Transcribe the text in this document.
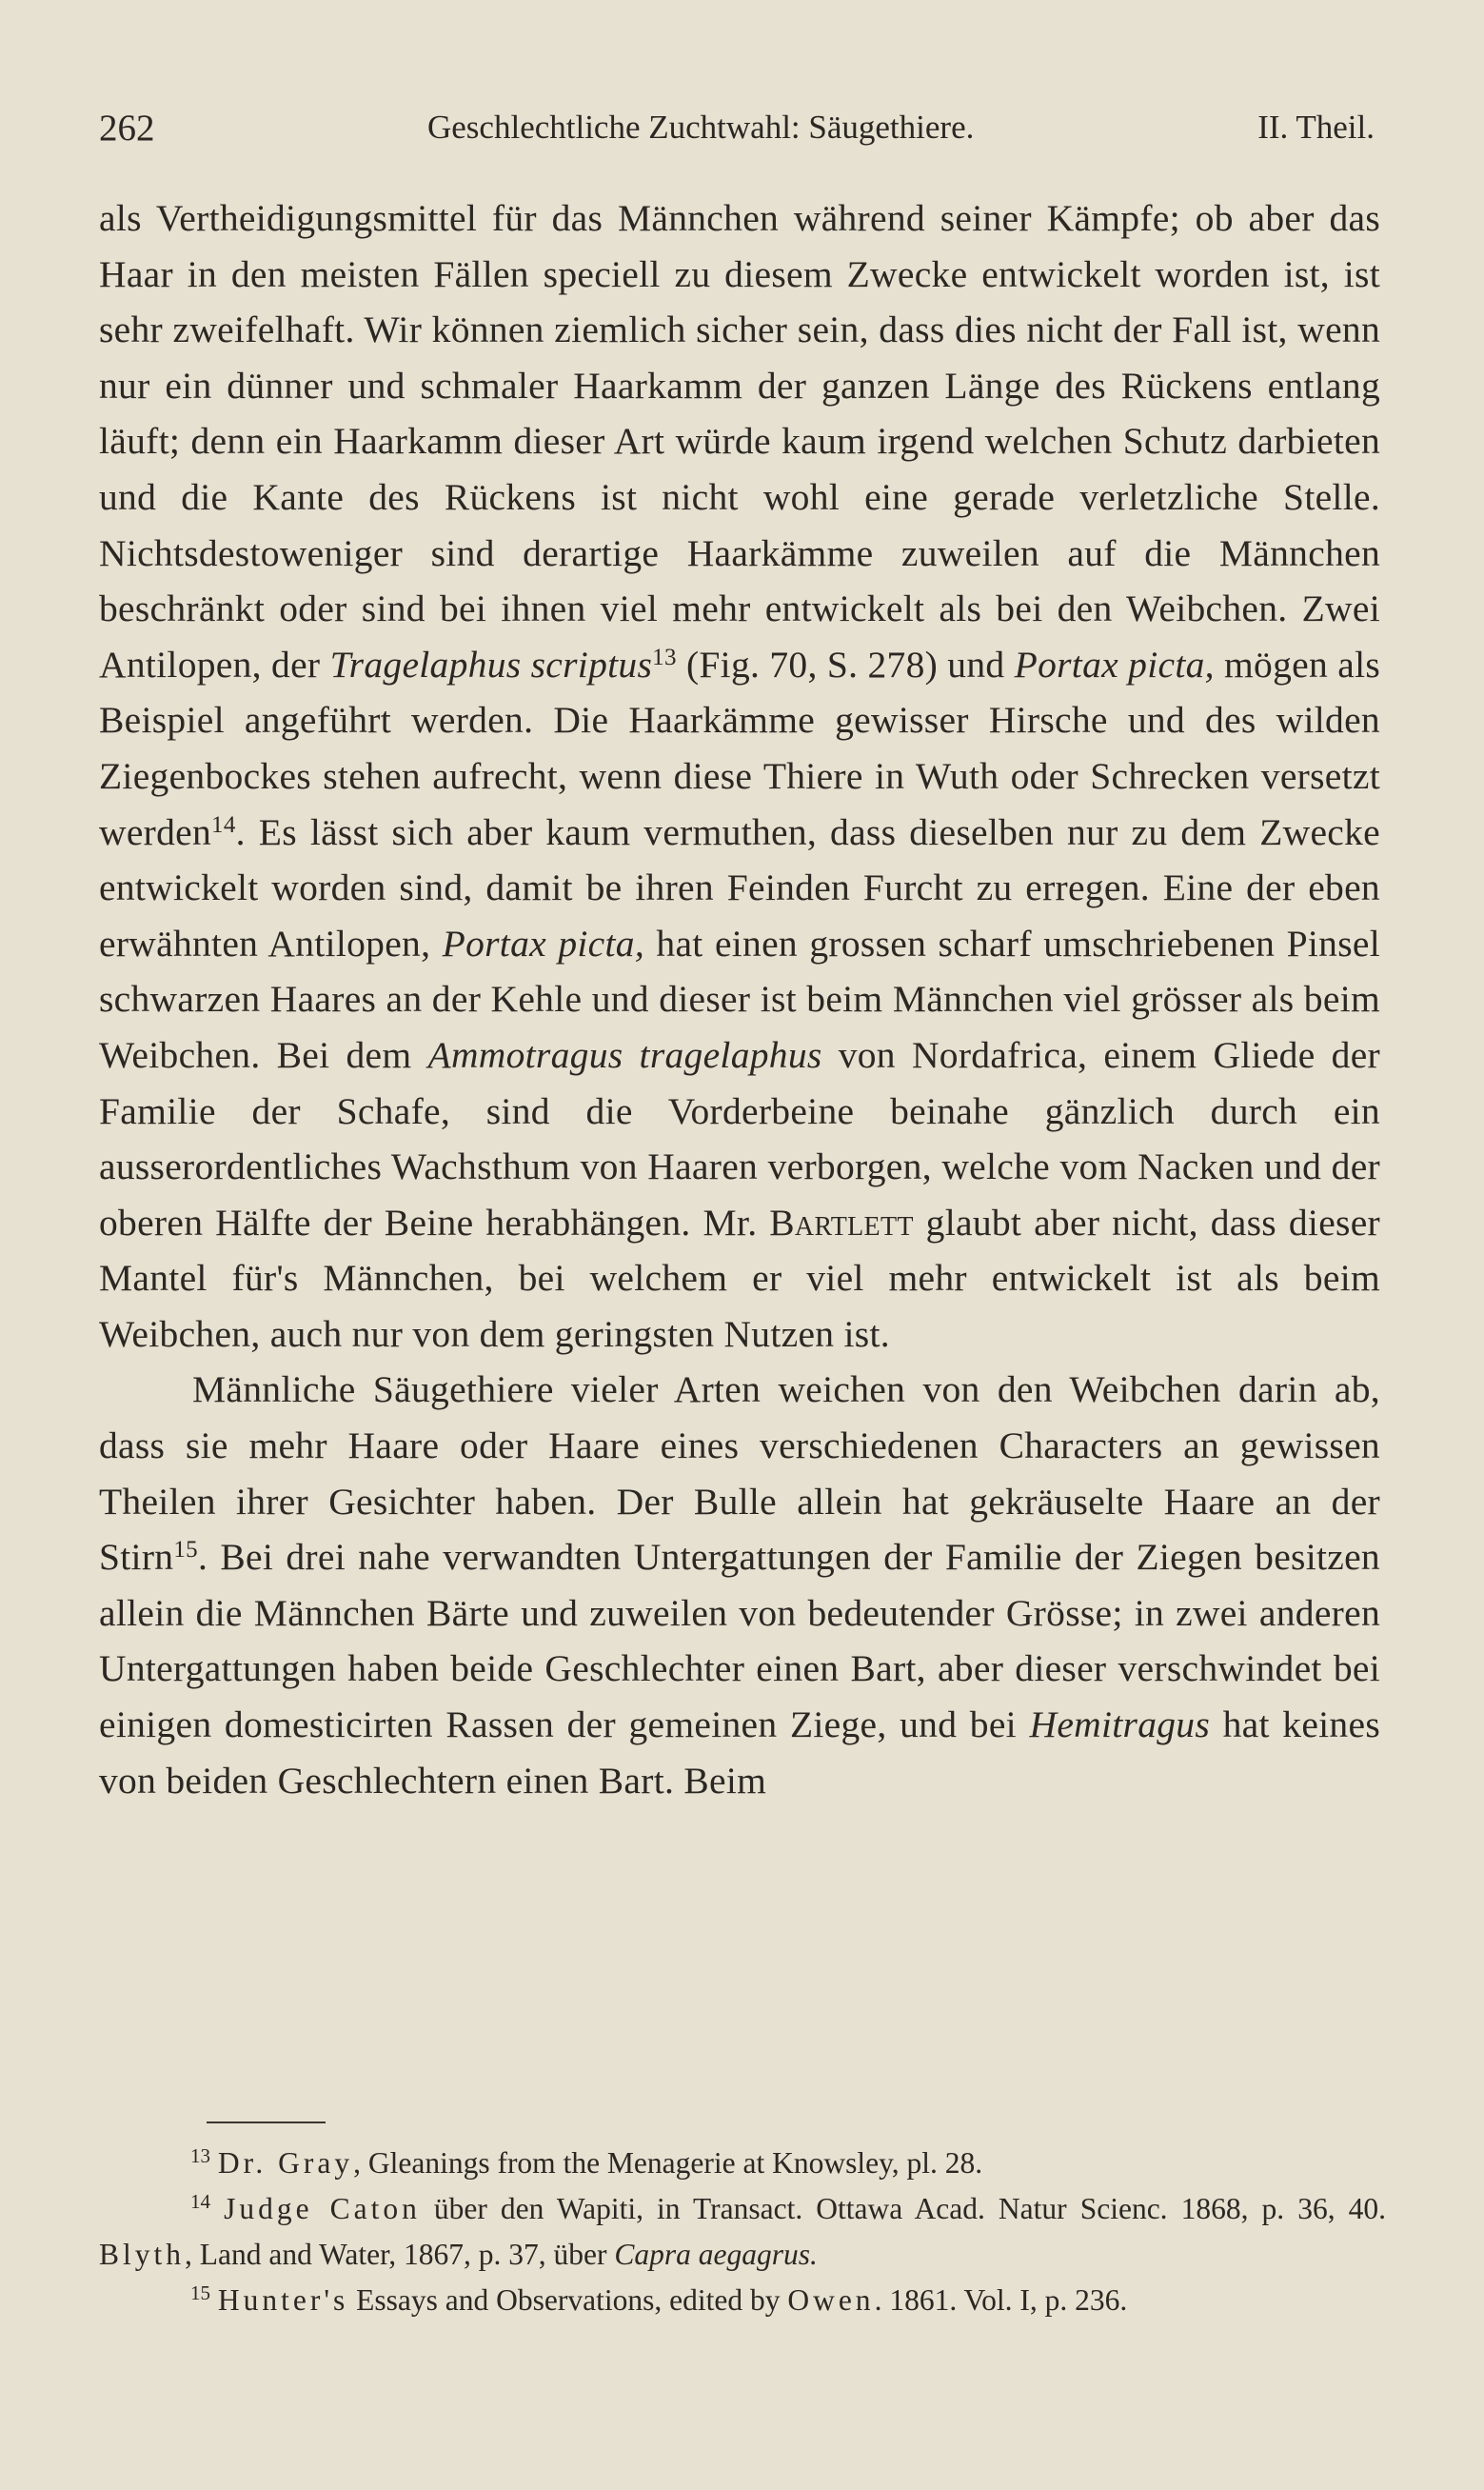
262	Geschlechtliche Zuchtwahl: Säugethiere.	II. Theil.

als Vertheidigungsmittel für das Männchen während seiner Kämpfe; ob aber das Haar in den meisten Fällen speciell zu diesem Zwecke entwickelt worden ist, ist sehr zweifelhaft. Wir können ziemlich sicher sein, dass dies nicht der Fall ist, wenn nur ein dünner und schmaler Haarkamm der ganzen Länge des Rückens entlang läuft; denn ein Haarkamm dieser Art würde kaum irgend welchen Schutz darbieten und die Kante des Rückens ist nicht wohl eine gerade verletzliche Stelle. Nichtsdestoweniger sind derartige Haarkämme zuweilen auf die Männchen beschränkt oder sind bei ihnen viel mehr entwickelt als bei den Weibchen. Zwei Antilopen, der Tragelaphus scriptus$^{13}$ (Fig. 70, S. 278) und Portax picta, mögen als Beispiel angeführt werden. Die Haarkämme gewisser Hirsche und des wilden Ziegenbockes stehen aufrecht, wenn diese Thiere in Wuth oder Schrecken versetzt werden$^{14}$. Es lässt sich aber kaum vermuthen, dass dieselben nur zu dem Zwecke entwickelt worden sind, damit be ihren Feinden Furcht zu erregen. Eine der eben erwähnten Antilopen, Portax picta, hat einen grossen scharf umschriebenen Pinsel schwarzen Haares an der Kehle und dieser ist beim Männchen viel grösser als beim Weibchen. Bei dem Ammotragus tragelaphus von Nordafrica, einem Gliede der Familie der Schafe, sind die Vorderbeine beinahe gänzlich durch ein ausserordentliches Wachsthum von Haaren verborgen, welche vom Nacken und der oberen Hälfte der Beine herabhängen. Mr. Bartlett glaubt aber nicht, dass dieser Mantel für's Männchen, bei welchem er viel mehr entwickelt ist als beim Weibchen, auch nur von dem geringsten Nutzen ist.

Männliche Säugethiere vieler Arten weichen von den Weibchen darin ab, dass sie mehr Haare oder Haare eines verschiedenen Characters an gewissen Theilen ihrer Gesichter haben. Der Bulle allein hat gekräuselte Haare an der Stirn$^{15}$. Bei drei nahe verwandten Untergattungen der Familie der Ziegen besitzen allein die Männchen Bärte und zuweilen von bedeutender Grösse; in zwei anderen Untergattungen haben beide Geschlechter einen Bart, aber dieser verschwindet bei einigen domesticirten Rassen der gemeinen Ziege, und bei Hemitragus hat keines von beiden Geschlechtern einen Bart. Beim

$^{13}$ Dr. Gray, Gleanings from the Menagerie at Knowsley, pl. 28.

$^{14}$ Judge Caton über den Wapiti, in Transact. Ottawa Acad. Natur Scienc. 1868, p. 36, 40. Blyth, Land and Water, 1867, p. 37, über Capra aegagrus.

$^{15}$ Hunter's Essays and Observations, edited by Owen. 1861. Vol. I, p. 236.
